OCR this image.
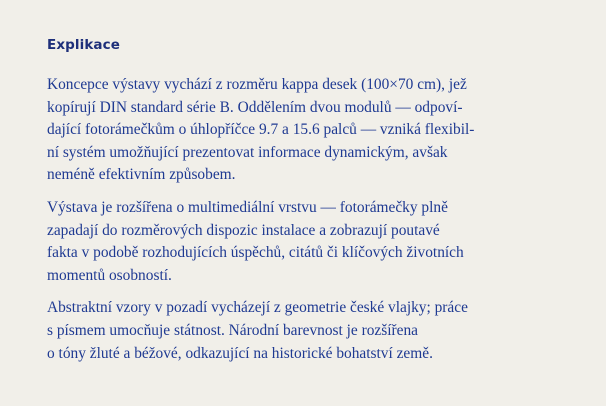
Explikace

Koncepce výstavy vychází z rozměru kappa desek (100×70 cm), jež
kopírují DIN standard série B. Oddělením dvou modulů — odpoví-
dající fotorámečkům o úhlopříčce 9.7 a 15.6 palců — vzniká flexibil-
ní systém umožňující prezentovat informace dynamickým, avšak
neméně efektivním způsobem.

Výstava je rozšířena o multimediální vrstvu — fotorámečky plně
zapadají do rozměrových dispozic instalace a zobrazují poutavé
fakta v podobě rozhodujících úspěchů, citátů či klíčových životních
momentů osobností.

Abstraktní vzory v pozadí vycházejí z geometrie české vlajky; práce
s písmem umocňuje státnost. Národní barevnost je rozšířena
o tóny žluté a béžové, odkazující na historické bohatství země.
